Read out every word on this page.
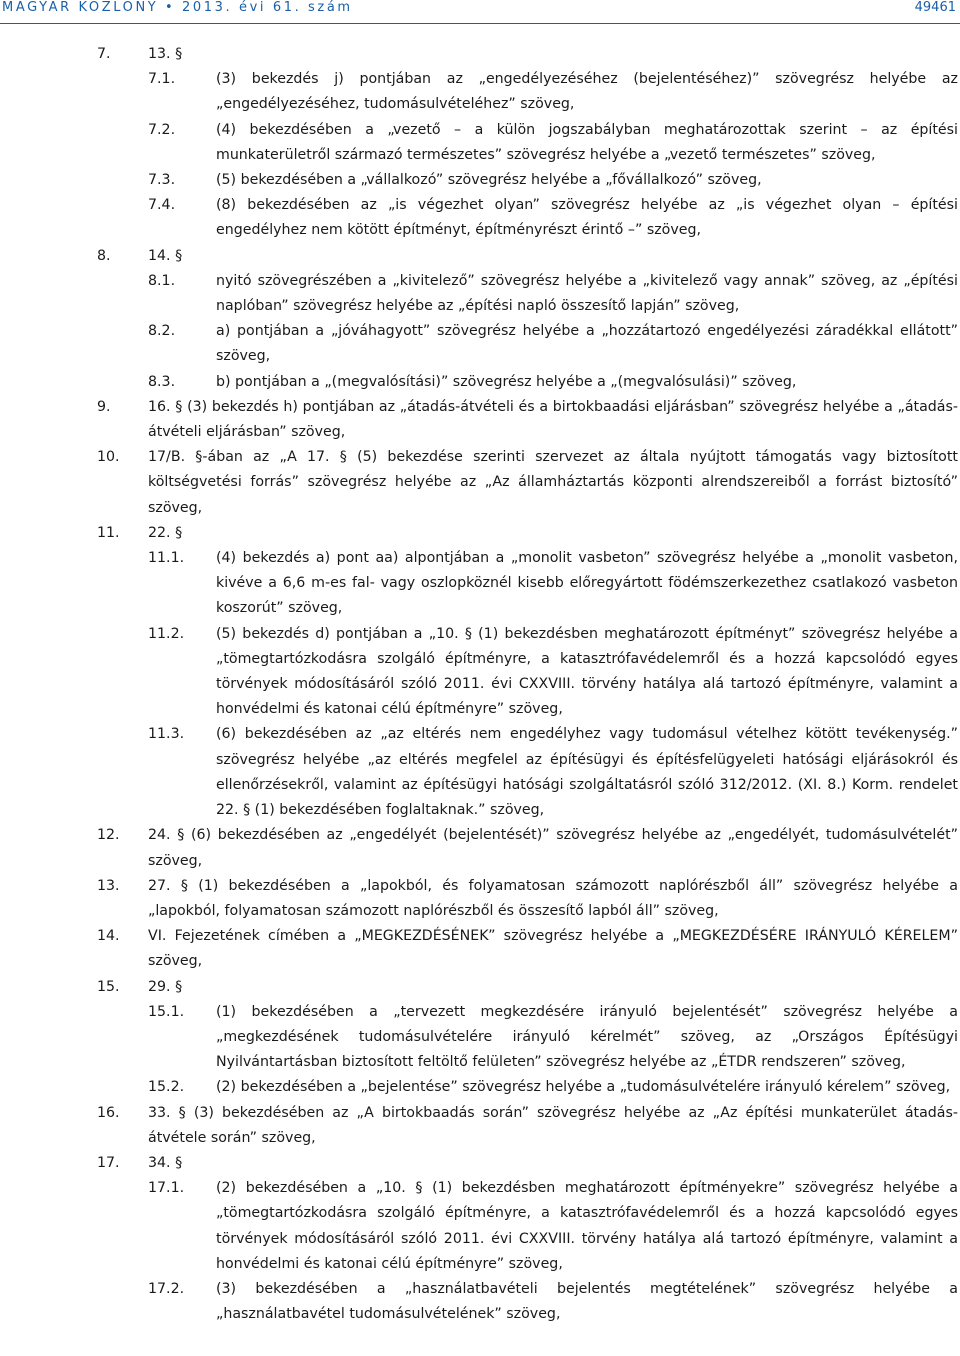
MAGYAR KÖZLÖNY • 2013. évi 61. szám	49461
7.	13. §
7.1.	(3) bekezdés j) pontjában az „engedélyezéséhez (bejelentéséhez)” szövegrész helyébe az „engedélyezéséhez, tudomásulvételéhez” szöveg,
7.2.	(4) bekezdésében a „vezető – a külön jogszabályban meghatározottak szerint – az építési munkaterületről származó természetes” szövegrész helyébe a „vezető természetes” szöveg,
7.3.	(5) bekezdésében a „vállalkozó” szövegrész helyébe a „fővállalkozó” szöveg,
7.4.	(8) bekezdésében az „is végezhet olyan” szövegrész helyébe az „is végezhet olyan – építési engedélyhez nem kötött építményt, építményrészt érintő –” szöveg,
8.	14. §
8.1.	nyitó szövegrészében a „kivitelező” szövegrész helyébe a „kivitelező vagy annak” szöveg, az „építési naplóban” szövegrész helyébe az „építési napló összesítő lapján” szöveg,
8.2.	a) pontjában a „jóváhagyott” szövegrész helyébe a „hozzátartozó engedélyezési záradékkal ellátott” szöveg,
8.3.	b) pontjában a „(megvalósítási)” szövegrész helyébe a „(megvalósulási)” szöveg,
9.	16. § (3) bekezdés h) pontjában az „átadás-átvételi és a birtokbaadási eljárásban” szövegrész helyébe a „átadás-átvételi eljárásban” szöveg,
10. 17/B. §-ában az „A 17. § (5) bekezdése szerinti szervezet az általa nyújtott támogatás vagy biztosított költségvetési forrás” szövegrész helyébe az „Az államháztartás központi alrendszereiből a forrást biztosító” szöveg,
11. 22. §
11.1. (4) bekezdés a) pont aa) alpontjában a „monolit vasbeton” szövegrész helyébe a „monolit vasbeton, kivéve a 6,6 m-es fal- vagy oszlopköznél kisebb előregyártott födémszerkezethez csatlakozó vasbeton koszorút” szöveg,
11.2. (5) bekezdés d) pontjában a „10. § (1) bekezdésben meghatározott építményt” szövegrész helyébe a „tömegtartózkodásra szolgáló építményre, a katasztrófavédelemről és a hozzá kapcsolódó egyes törvények módosításáról szóló 2011. évi CXXVIII. törvény hatálya alá tartozó építményre, valamint a honvédelmi és katonai célú építményre” szöveg,
11.3. (6) bekezdésében az „az eltérés nem engedélyhez vagy tudomásul vételhez kötött tevékenység.” szövegrész helyébe „az eltérés megfelel az építésügyi és építésfelügyeleti hatósági eljárásokról és ellenőrzésekről, valamint az építésügyi hatósági szolgáltatásról szóló 312/2012. (XI. 8.) Korm. rendelet 22. § (1) bekezdésében foglaltaknak.” szöveg,
12. 24. § (6) bekezdésében az „engedélyét (bejelentését)” szövegrész helyébe az „engedélyét, tudomásulvételét” szöveg,
13. 27. § (1) bekezdésében a „lapokból, és folyamatosan számozott naplórészből áll” szövegrész helyébe a „lapokból, folyamatosan számozott naplórészből és összesítő lapból áll” szöveg,
14. VI. Fejezetének címében a „MEGKEZDÉSÉNEK” szövegrész helyébe a „MEGKEZDÉSÉRE IRÁNYULÓ KÉRELEM” szöveg,
15. 29. §
15.1. (1) bekezdésében a „tervezett megkezdésére irányuló bejelentését” szövegrész helyébe a „megkezdésének tudomásulvételére irányuló kérelmét” szöveg, az „Országos Építésügyi Nyilvántartásban biztosított feltöltő felületen” szövegrész helyébe az „ÉTDR rendszeren” szöveg,
15.2. (2) bekezdésében a „bejelentése” szövegrész helyébe a „tudomásulvételére irányuló kérelem” szöveg,
16. 33. § (3) bekezdésében az „A birtokbaadás során” szövegrész helyébe az „Az építési munkaterület átadás-átvétele során” szöveg,
17. 34. §
17.1. (2) bekezdésében a „10. § (1) bekezdésben meghatározott építményekre” szövegrész helyébe a „tömegtartózkodásra szolgáló építményre, a katasztrófavédelemről és a hozzá kapcsolódó egyes törvények módosításáról szóló 2011. évi CXXVIII. törvény hatálya alá tartozó építményre, valamint a honvédelmi és katonai célú építményre” szöveg,
17.2. (3) bekezdésében a „használatbavételi bejelentés megtételének” szövegrész helyébe a „használatbavétel tudomásulvételének” szöveg,
